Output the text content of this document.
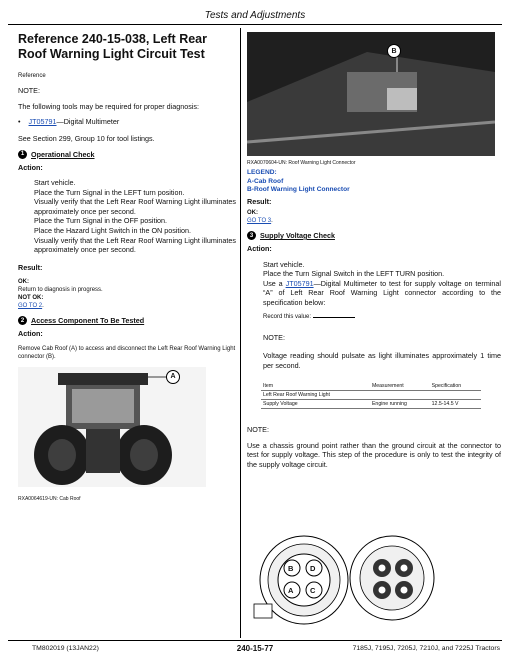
Tests and Adjustments
Reference 240-15-038, Left Rear Roof Warning Light Circuit Test
Reference
NOTE:
The following tools may be required for proper diagnosis:
• JT05791—Digital Multimeter
See Section 299, Group 10 for tool listings.
1 Operational Check
Action:
Start vehicle.
Place the Turn Signal in the LEFT turn position.
Visually verify that the Left Rear Roof Warning Light illuminates approximately once per second.
Place the Turn Signal in the OFF position.
Place the Hazard Light Switch in the ON position.
Visually verify that the Left Rear Roof Warning Light illuminates approximately once per second.
Result:
OK:
Return to diagnosis in progress.
NOT OK:
GO TO 2.
2 Access Component To Be Tested
Action:
Remove Cab Roof (A) to access and disconnect the Left Rear Roof Warning Light connector (B).
A
RXA0064619-UN: Cab Roof
B
RXA0070604-UN: Roof Warning Light Connector
LEGEND:
A-Cab Roof
B-Roof Warning Light Connector
Result:
OK:
GO TO 3.
3 Supply Voltage Check
Action:
Start vehicle.
Place the Turn Signal Switch in the LEFT TURN position.
Use a JT05791—Digital Multimeter to test for supply voltage on terminal “A” of Left Rear Roof Warning Light connector according to the specification below:
Record this value:
NOTE:
Voltage reading should pulsate as light illuminates approximately 1 time per second.
Item	Measurement	Specification
Left Rear Roof Warning Light		
Supply Voltage	Engine running	12.5-14.5 V
NOTE:
Use a chassis ground point rather than the ground circuit at the connector to test for supply voltage. This step of the procedure is only to test the integrity of the supply voltage circuit.
B D
A C
TM802019 (13JAN22)	240-15-77	7185J, 7195J, 7205J, 7210J, and 7225J Tractors
